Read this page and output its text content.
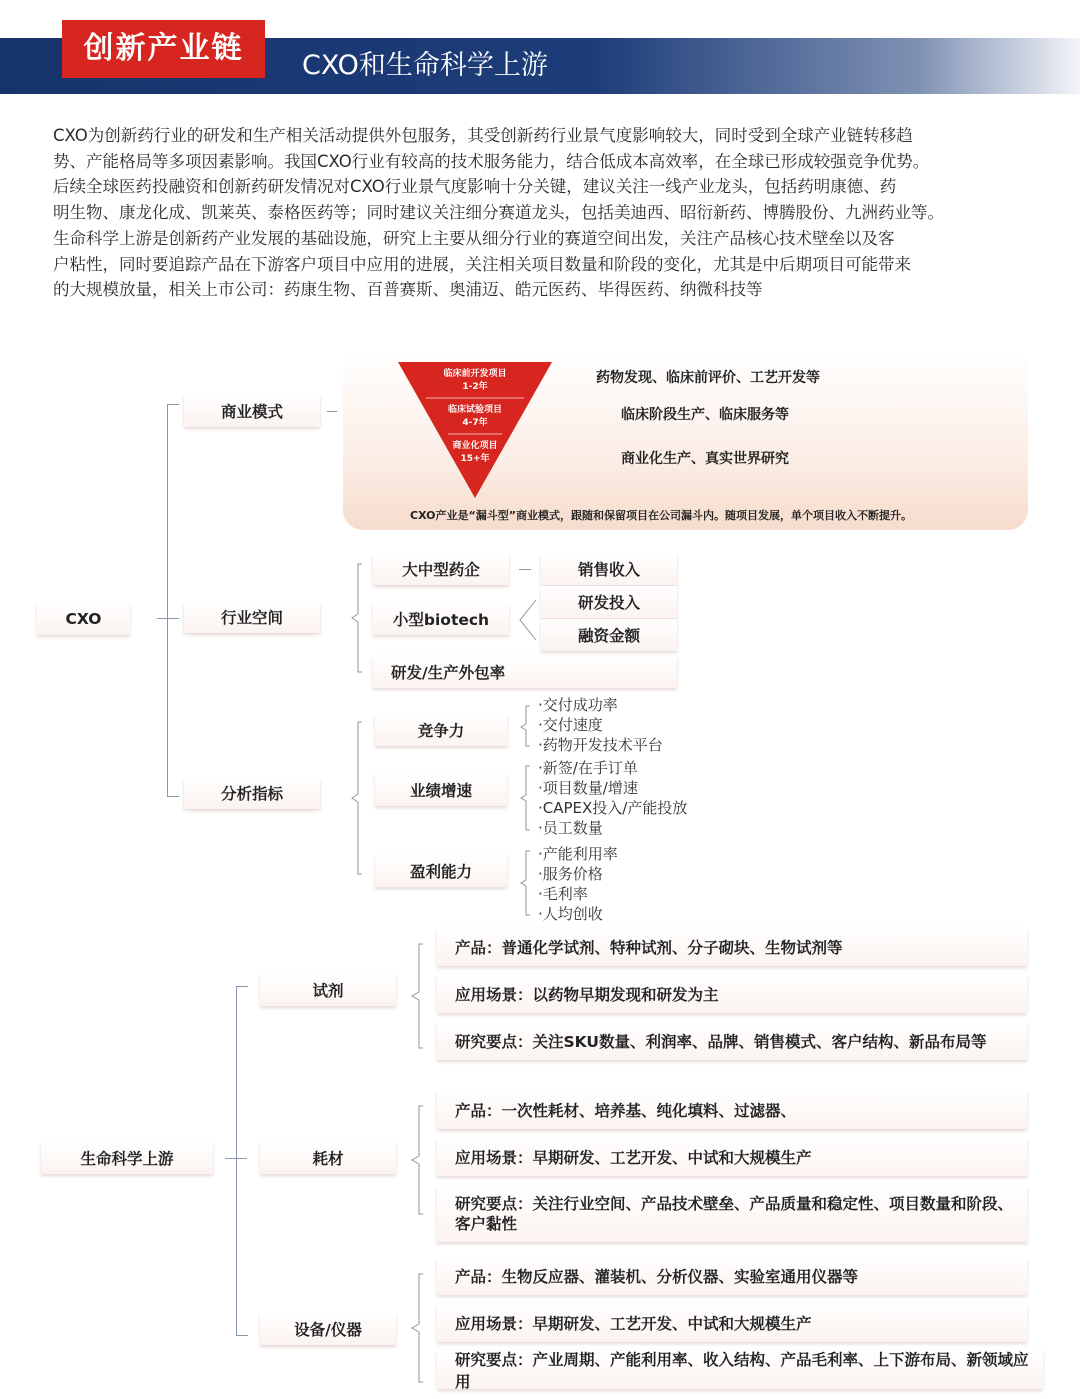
创新产业链	CXO和生命科学上游

CXO为创新药行业的研发和生产相关活动提供外包服务，其受创新药行业景气度影响较大，同时受到全球产业链转移趋

势、产能格局等多项因素影响。我国CXO行业有较高的技术服务能力，结合低成本高效率，在全球已形成较强竞争优势。

后续全球医药投融资和创新药研发情况对CXO行业景气度影响十分关键，建议关注一线产业龙头，包括药明康德、药

明生物、康龙化成、凯莱英、泰格医药等；同时建议关注细分赛道龙头，包括美迪西、昭衍新药、博腾股份、九洲药业等。

生命科学上游是创新药产业发展的基础设施，研究上主要从细分行业的赛道空间出发，关注产品核心技术壁垒以及客

户粘性，同时要追踪产品在下游客户项目中应用的进展，关注相关项目数量和阶段的变化，尤其是中后期项目可能带来

的大规模放量，相关上市公司：药康生物、百普赛斯、奥浦迈、皓元医药、毕得医药、纳微科技等

CXO
商业模式
临床前开发项目
1-2年
临床试验项目
4-7年
商业化项目
15+年
药物发现、临床前评价、工艺开发等
临床阶段生产、临床服务等
商业化生产、真实世界研究
CXO产业是“漏斗型”商业模式，跟随和保留项目在公司漏斗内。随项目发展，单个项目收入不断提升。
行业空间
大中型药企	销售收入
小型biotech
研发投入
融资金额
研发/生产外包率
分析指标
竞争力
·交付成功率
·交付速度
·药物开发技术平台
业绩增速
·新签/在手订单
·项目数量/增速
·CAPEX投入/产能投放
·员工数量
盈利能力
·产能利用率
·服务价格
·毛利率
·人均创收
生命科学上游
试剂
产品：普通化学试剂、特种试剂、分子砌块、生物试剂等
应用场景：以药物早期发现和研发为主
研究要点：关注SKU数量、利润率、品牌、销售模式、客户结构、新品布局等
耗材
产品：一次性耗材、培养基、纯化填料、过滤器、
应用场景：早期研发、工艺开发、中试和大规模生产
研究要点：关注行业空间、产品技术壁垒、产品质量和稳定性、项目数量和阶段、
客户黏性
设备/仪器
产品：生物反应器、灌装机、分析仪器、实验室通用仪器等
应用场景：早期研发、工艺开发、中试和大规模生产
研究要点：产业周期、产能利用率、收入结构、产品毛利率、上下游布局、新领域应用
